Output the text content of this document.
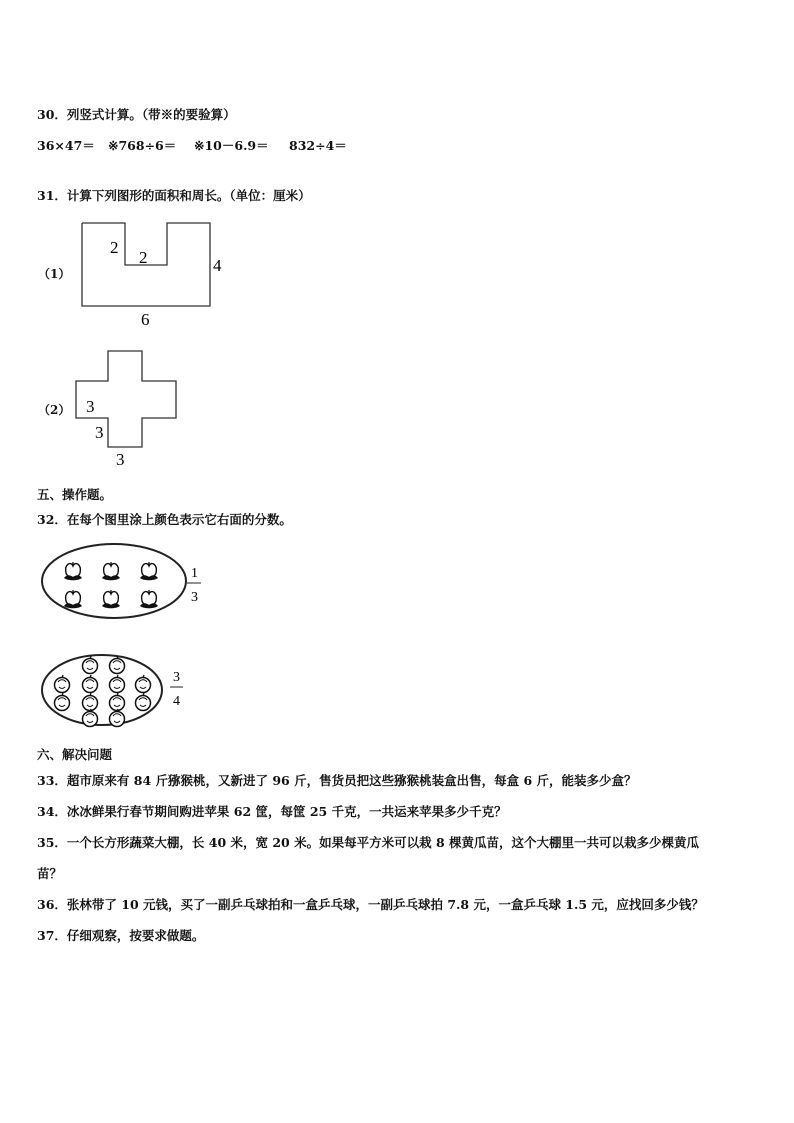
30．列竖式计算。（带※的要验算）
36×47＝ ※768÷6＝ ※10－6.9＝ 832÷4＝
31．计算下列图形的面积和周长。（单位：厘米）
（1）
2
2	4
6
（2） 3
3
3
五、操作题。
32．在每个图里涂上颜色表示它右面的分数。
1
3
3
4
六、解决问题
33．超市原来有 84 斤猕猴桃，又新进了 96 斤，售货员把这些猕猴桃装盒出售，每盒 6 斤，能装多少盒？
34．冰冰鲜果行春节期间购进苹果 62 筐，每筐 25 千克，一共运来苹果多少千克？
35．一个长方形蔬菜大棚，长 40 米，宽 20 米。如果每平方米可以栽 8 棵黄瓜苗，这个大棚里一共可以栽多少棵黄瓜
苗？
36．张林带了 10 元钱，买了一副乒乓球拍和一盒乒乓球，一副乒乓球拍 7.8 元，一盒乒乓球 1.5 元，应找回多少钱？
37．仔细观察，按要求做题。
